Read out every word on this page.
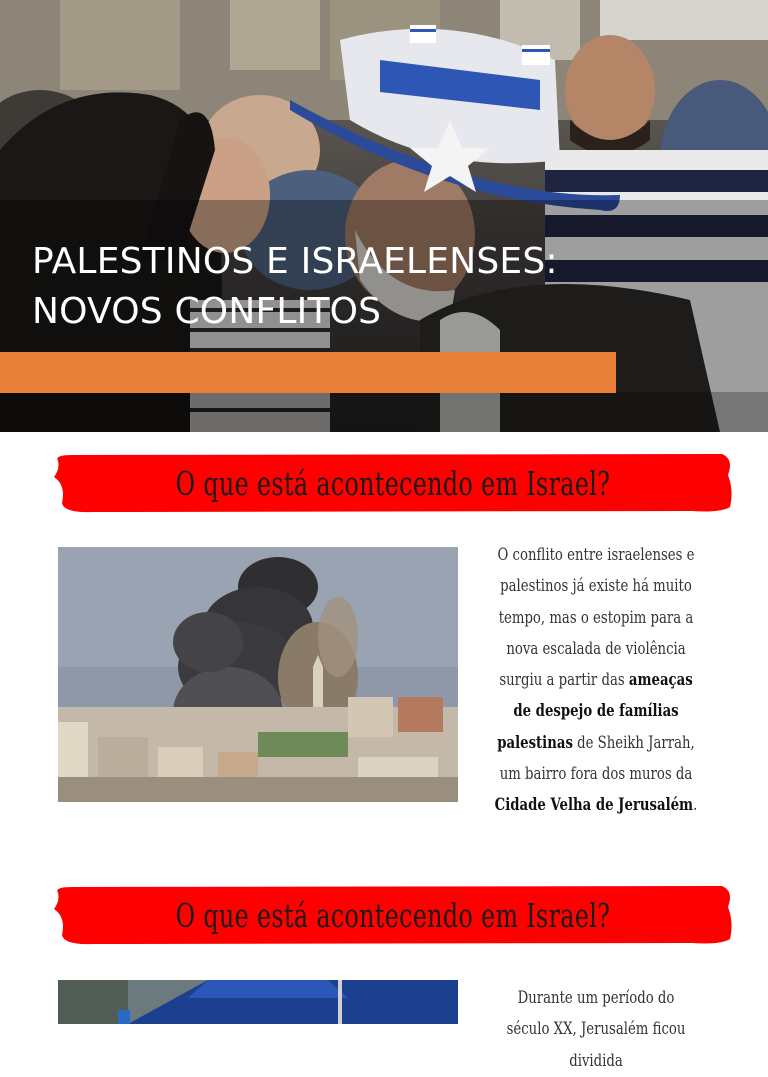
PALESTINOS E ISRAELENSES:
NOVOS CONFLITOS
O que está acontecendo em Israel?
O conflito entre israelenses e palestinos já existe há muito tempo, mas o estopim para a nova escalada de violência surgiu a partir das ameaças de despejo de famílias palestinas de Sheikh Jarrah, um bairro fora dos muros da Cidade Velha de Jerusalém.
O que está acontecendo em Israel?
Durante um período do século XX, Jerusalém ficou dividida
